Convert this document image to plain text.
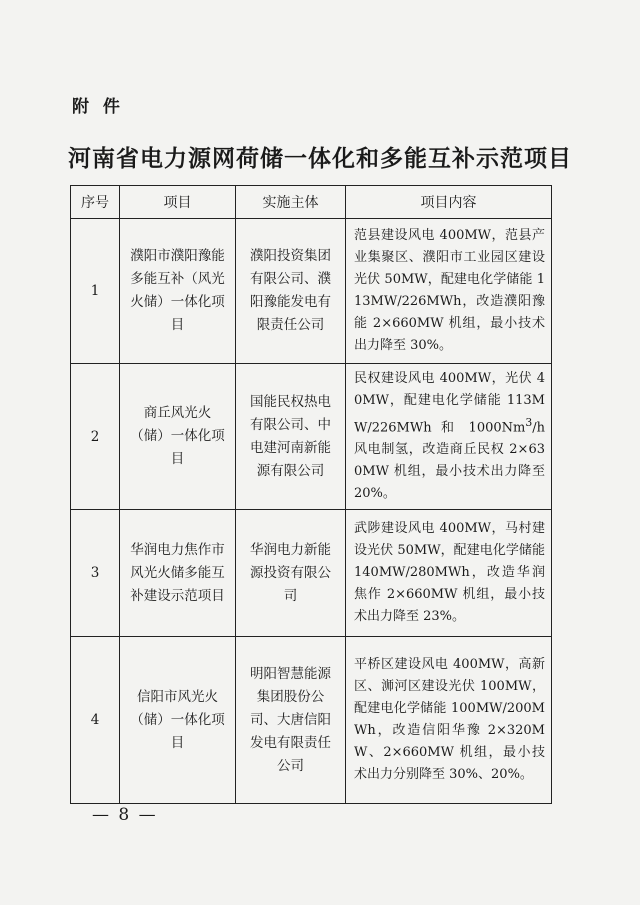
附 件
河南省电力源网荷储一体化和多能互补示范项目
序号	项目	实施主体	项目内容
1	濮阳市濮阳豫能多能互补（风光火储）一体化项目	濮阳投资集团有限公司、濮阳豫能发电有限责任公司	范县建设风电 400MW，范县产业集聚区、濮阳市工业园区建设光伏 50MW，配建电化学储能 113MW/226MWh，改造濮阳豫能 2×660MW 机组，最小技术出力降至 30%。
2	商丘风光火（储）一体化项目	国能民权热电有限公司、中电建河南新能源有限公司	民权建设风电 400MW，光伏 40MW，配建电化学储能 113MW/226MWh 和 1000Nm$^3$/h 风电制氢，改造商丘民权 2×630MW 机组，最小技术出力降至 20%。
3	华润电力焦作市风光火储多能互补建设示范项目	华润电力新能源投资有限公司	武陟建设风电 400MW，马村建设光伏 50MW，配建电化学储能 140MW/280MWh，改造华润焦作 2×660MW 机组，最小技术出力降至 23%。
4	信阳市风光火（储）一体化项目	明阳智慧能源集团股份公司、大唐信阳发电有限责任公司	平桥区建设风电 400MW，高新区、浉河区建设光伏 100MW，配建电化学储能 100MW/200MWh，改造信阳华豫 2×320MW、2×660MW 机组，最小技术出力分别降至 30%、20%。
— 8 —
